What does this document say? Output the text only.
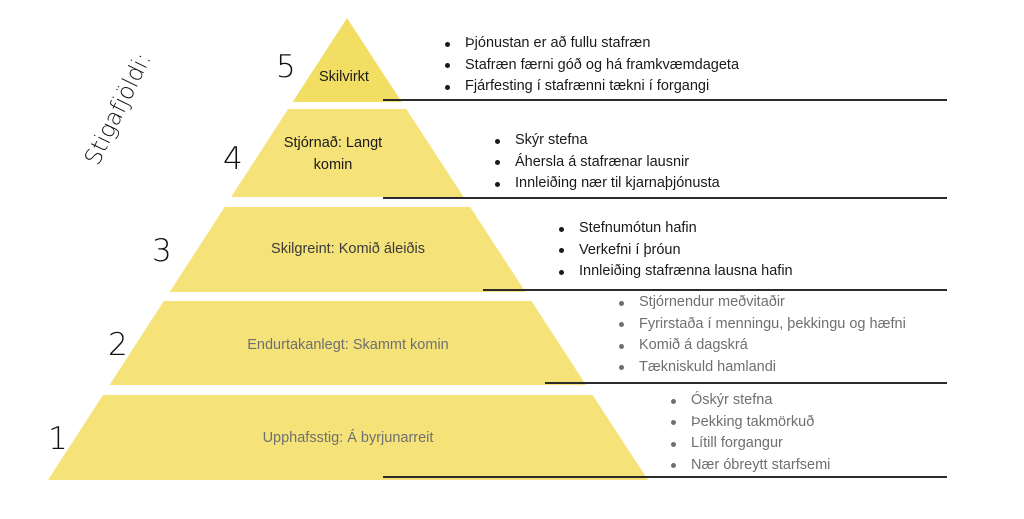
Stigafjöldi:	5	Skilvirkt
Þjónustan er að fullu stafræn
Stafræn færni góð og há framkvæmdageta
Fjárfesting í stafrænni tækni í forgangi
4	Stjórnað: Langt komin
Skýr stefna
Áhersla á stafrænar lausnir
Innleiðing nær til kjarnaþjónusta
3	Skilgreint: Komið áleiðis
Stefnumótun hafin
Verkefni í þróun
Innleiðing stafrænna lausna hafin
2	Endurtakanlegt: Skammt komin
Stjórnendur meðvitaðir
Fyrirstaða í menningu, þekkingu og hæfni
Komið á dagskrá
Tækniskuld hamlandi
1	Upphafsstig: Á byrjunarreit
Óskýr stefna
Þekking takmörkuð
Lítill forgangur
Nær óbreytt starfsemi
